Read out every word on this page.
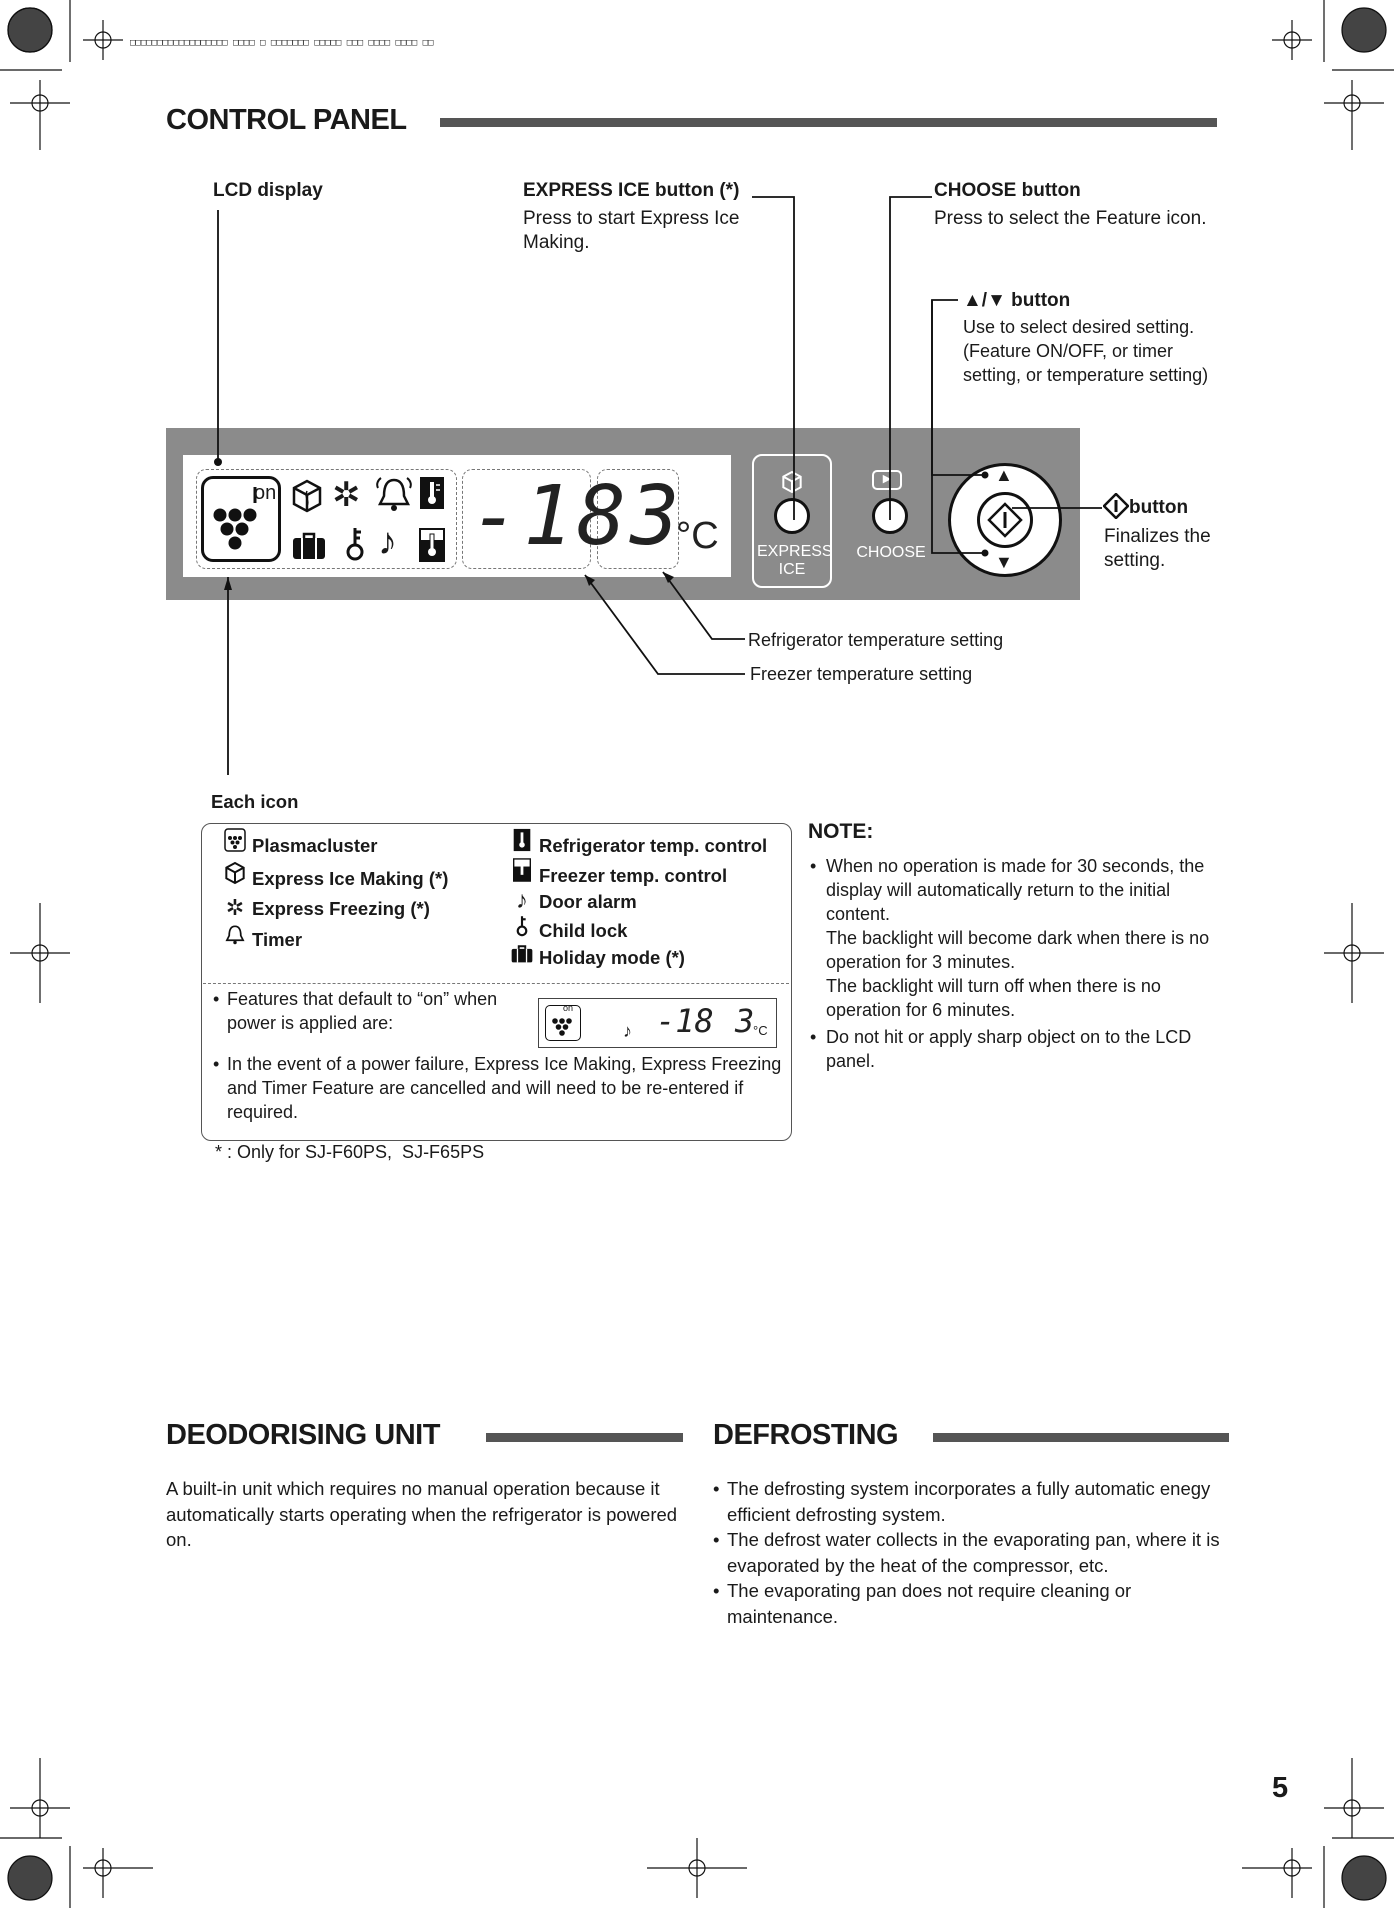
□□□□□□□□□□□□□□□□□□ □□□□ □ □□□□□□□ □□□□□ □□□ □□□□ □□□□ □□
CONTROL PANEL
LCD display	EXPRESS ICE button (*)
Press to start Express Ice Making.
CHOOSE button
Press to select the Feature icon.
▲/▼ button
Use to select desired setting. (Feature ON/OFF, or timer setting, or temperature setting)
button
Finalizes the setting.
on ✲
♪ -18 3
°C EXPRESS ICE
▶
CHOOSE
▲
▼
Refrigerator temperature setting
Freezer temperature setting
Each icon
Plasmacluster
Express Ice Making (*)
✲ Express Freezing (*)
Timer
Refrigerator temp. control
Freezer temp. control
♪ Door alarm
Child lock
Holiday mode (*)
• Features that default to “on” when power is applied are:
on
♪ -18 3
°C
• In the event of a power failure, Express Ice Making, Express Freezing and Timer Feature are cancelled and will need to be re-entered if required.
* : Only for SJ-F60PS,  SJ-F65PS
NOTE:
• When no operation is made for 30 seconds, the display will automatically return to the initial content.
The backlight will become dark when there is no operation for 3 minutes.
The backlight will turn off when there is no operation for 6 minutes.
• Do not hit or apply sharp object on to the LCD panel.
DEODORISING UNIT
A built-in unit which requires no manual operation because it automatically starts operating when the refrigerator is powered on.
DEFROSTING
• The defrosting system incorporates a fully automatic enegy efficient defrosting system.
• The defrost water collects in the evaporating pan, where it is evaporated by the heat of the compressor, etc.
• The evaporating pan does not require cleaning or maintenance.
5
